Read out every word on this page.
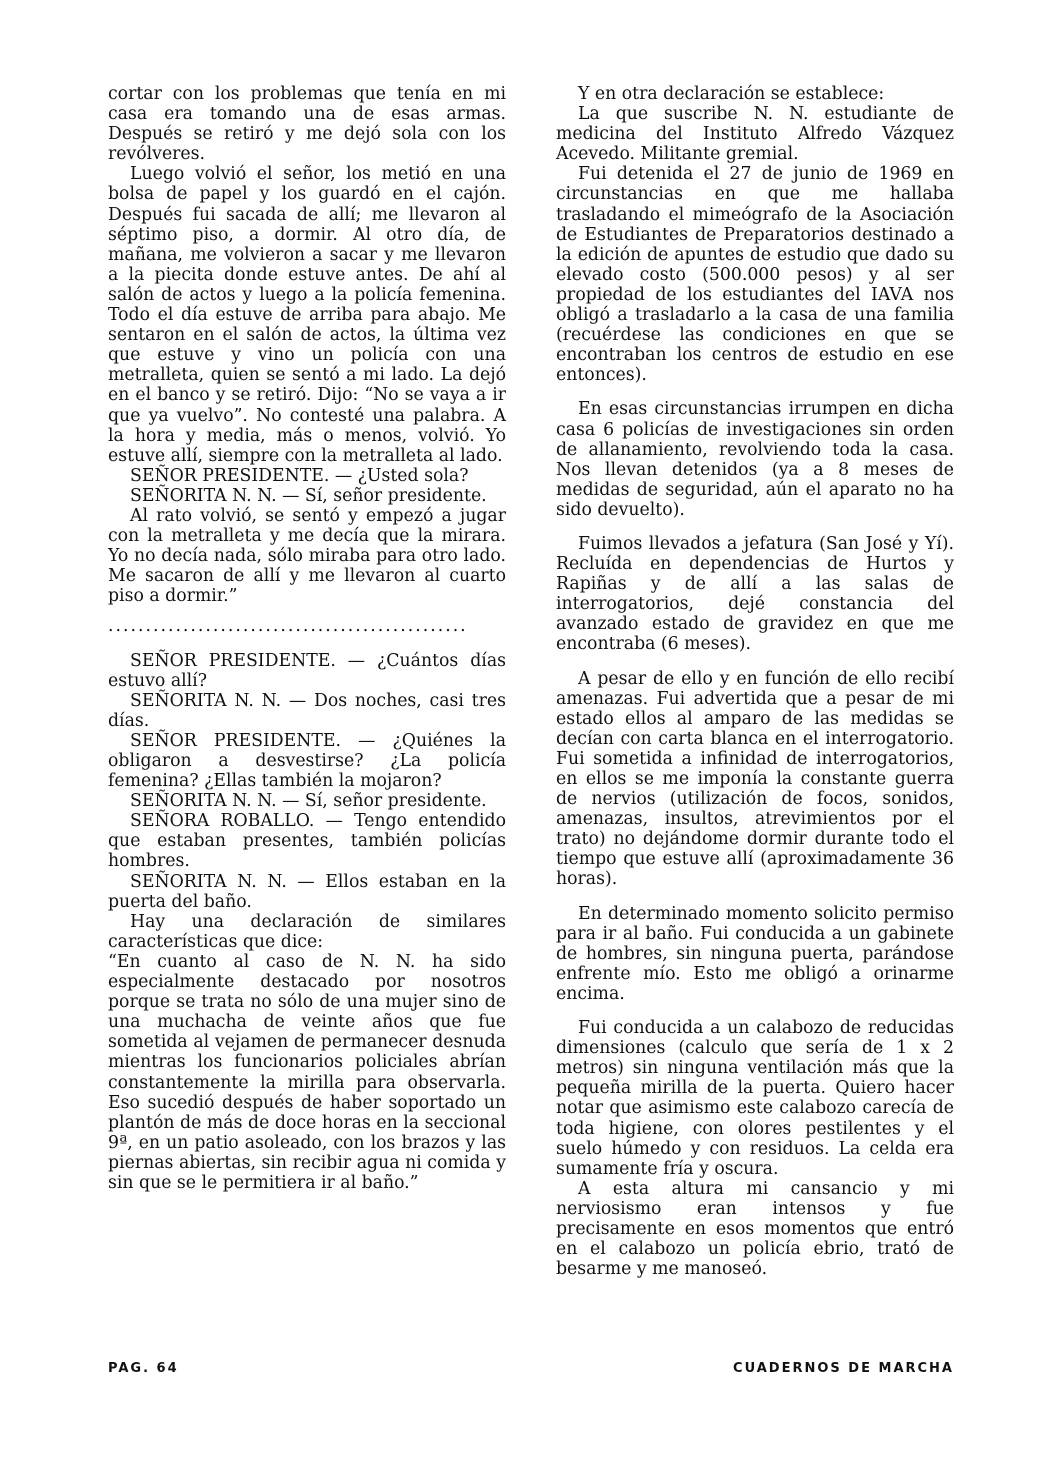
cortar con los problemas que tenía en mi casa era tomando una de esas armas. Después se retiró y me dejó sola con los revólveres.

Luego volvió el señor, los metió en una bolsa de papel y los guardó en el cajón. Después fui sacada de allí; me llevaron al séptimo piso, a dormir. Al otro día, de mañana, me volvieron a sacar y me llevaron a la piecita donde estuve antes. De ahí al salón de actos y luego a la policía femenina. Todo el día estuve de arriba para abajo. Me sentaron en el salón de actos, la última vez que estuve y vino un policía con una metralleta, quien se sentó a mi lado. La dejó en el banco y se retiró. Dijo: “No se vaya a ir que ya vuelvo”. No contesté una palabra. A la hora y media, más o menos, volvió. Yo estuve allí, siempre con la metralleta al lado.

SEÑOR PRESIDENTE. — ¿Usted sola?

SEÑORITA N. N. — Sí, señor presidente.

Al rato volvió, se sentó y empezó a jugar con la metralleta y me decía que la mirara. Yo no decía nada, sólo miraba para otro lado. Me sacaron de allí y me llevaron al cuarto piso a dormir.”

................................................

SEÑOR PRESIDENTE. — ¿Cuántos días estuvo allí?

SEÑORITA N. N. — Dos noches, casi tres días.

SEÑOR PRESIDENTE. — ¿Quiénes la obligaron a desvestirse? ¿La policía femenina? ¿Ellas también la mojaron?

SEÑORITA N. N. — Sí, señor presidente.

SEÑORA ROBALLO. — Tengo entendido que estaban presentes, también policías hombres.

SEÑORITA N. N. — Ellos estaban en la puerta del baño.

Hay una declaración de similares características que dice:

“En cuanto al caso de N. N. ha sido especialmente destacado por nosotros porque se trata no sólo de una mujer sino de una muchacha de veinte años que fue sometida al vejamen de permanecer desnuda mientras los funcionarios policiales abrían constantemente la mirilla para observarla. Eso sucedió después de haber soportado un plantón de más de doce horas en la seccional 9ª, en un patio asoleado, con los brazos y las piernas abiertas, sin recibir agua ni comida y sin que se le permitiera ir al baño.”

Y en otra declaración se establece:

La que suscribe N. N. estudiante de medicina del Instituto Alfredo Vázquez Acevedo. Militante gremial.

Fui detenida el 27 de junio de 1969 en circunstancias en que me hallaba trasladando el mimeógrafo de la Asociación de Estudiantes de Preparatorios destinado a la edición de apuntes de estudio que dado su elevado costo (500.000 pesos) y al ser propiedad de los estudiantes del IAVA nos obligó a trasladarlo a la casa de una familia (recuérdese las condiciones en que se encontraban los centros de estudio en ese entonces).

En esas circunstancias irrumpen en dicha casa 6 policías de investigaciones sin orden de allanamiento, revolviendo toda la casa. Nos llevan detenidos (ya a 8 meses de medidas de seguridad, aún el aparato no ha sido devuelto).

Fuimos llevados a jefatura (San José y Yí). Recluída en dependencias de Hurtos y Rapiñas y de allí a las salas de interrogatorios, dejé constancia del avanzado estado de gravidez en que me encontraba (6 meses).

A pesar de ello y en función de ello recibí amenazas. Fui advertida que a pesar de mi estado ellos al amparo de las medidas se decían con carta blanca en el interrogatorio. Fui sometida a infinidad de interrogatorios, en ellos se me imponía la constante guerra de nervios (utilización de focos, sonidos, amenazas, insultos, atrevimientos por el trato) no dejándome dormir durante todo el tiempo que estuve allí (aproximadamente 36 horas).

En determinado momento solicito permiso para ir al baño. Fui conducida a un gabinete de hombres, sin ninguna puerta, parándose enfrente mío. Esto me obligó a orinarme encima.

Fui conducida a un calabozo de reducidas dimensiones (calculo que sería de 1 x 2 metros) sin ninguna ventilación más que la pequeña mirilla de la puerta. Quiero hacer notar que asimismo este calabozo carecía de toda higiene, con olores pestilentes y el suelo húmedo y con residuos. La celda era sumamente fría y oscura.

A esta altura mi cansancio y mi nerviosismo eran intensos y fue precisamente en esos momentos que entró en el calabozo un policía ebrio, trató de besarme y me manoseó.

PAG. 64	CUADERNOS DE MARCHA
